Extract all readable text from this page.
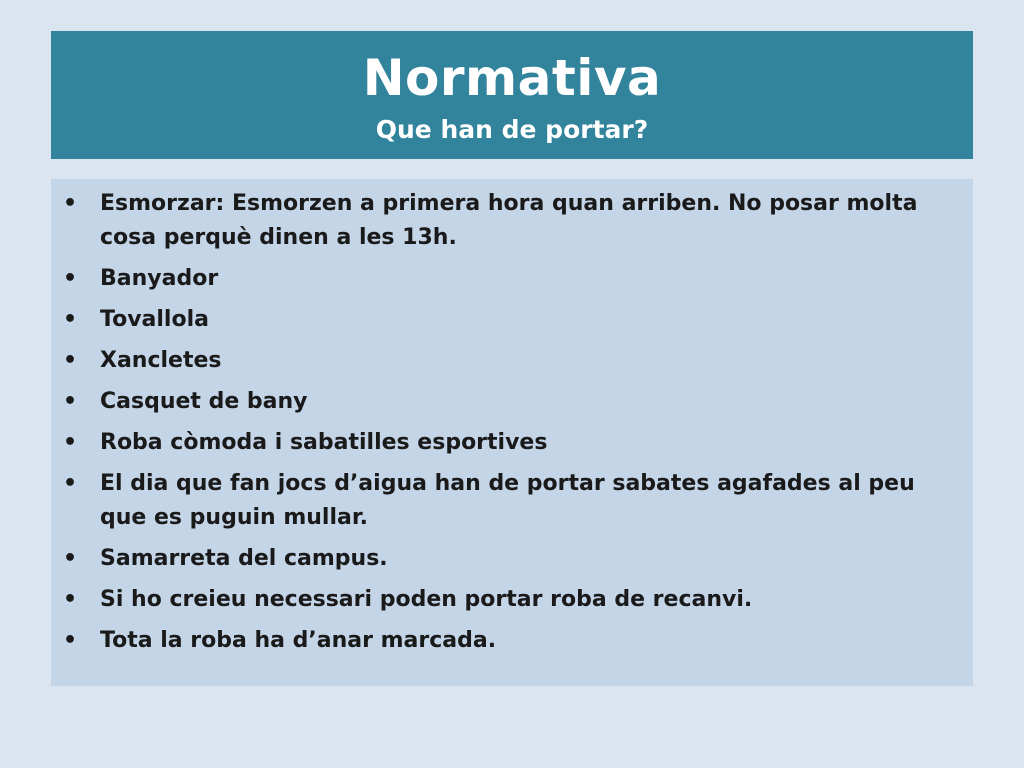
Normativa
Que han de portar?
• Esmorzar: Esmorzen a primera hora quan arriben. No posar molta cosa perquè dinen a les 13h.
• Banyador
• Tovallola
• Xancletes
• Casquet de bany
• Roba còmoda i sabatilles esportives
• El dia que fan jocs d’aigua han de portar sabates agafades al peu que es puguin mullar.
• Samarreta del campus.
• Si ho creieu necessari poden portar roba de recanvi.
• Tota la roba ha d’anar marcada.
